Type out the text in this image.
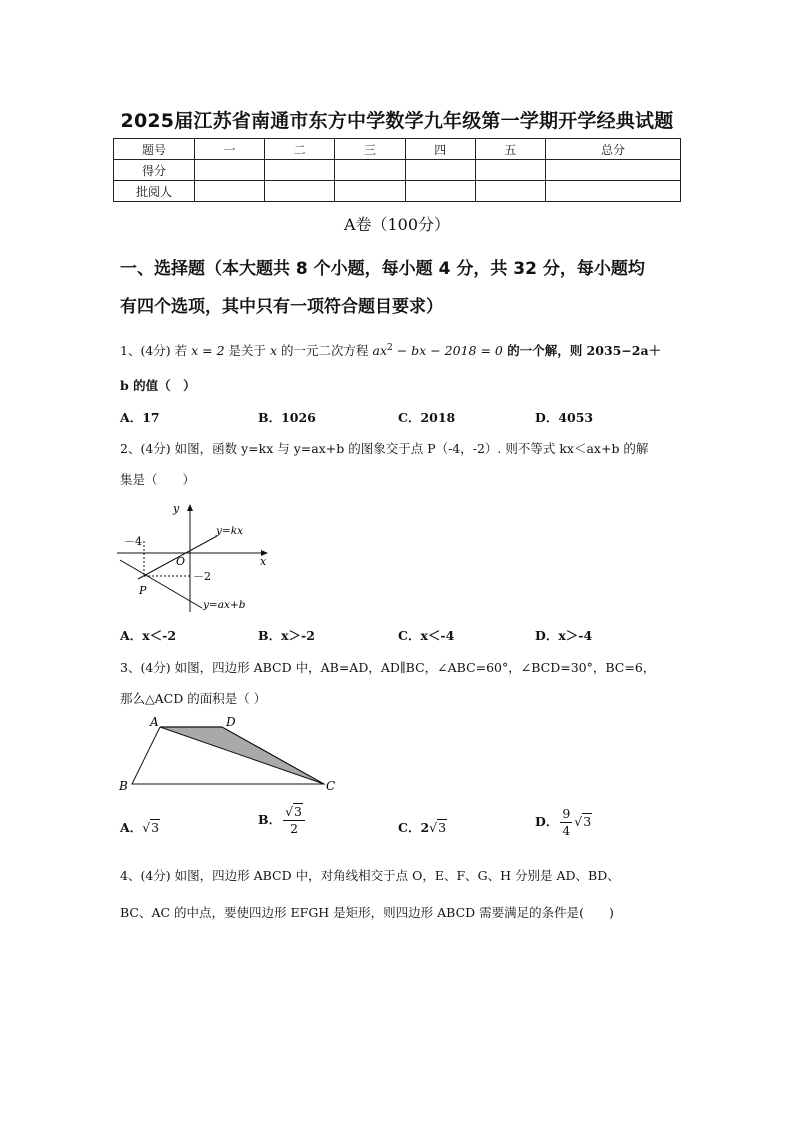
2025届江苏省南通市东方中学数学九年级第一学期开学经典试题
题号	一	二	三	四	五	总分
得分						
批阅人						
A卷（100分）
一、选择题（本大题共 8 个小题，每小题 4 分，共 32 分，每小题均
有四个选项，其中只有一项符合题目要求）
1、(4分) 若 x = 2 是关于 x 的一元二次方程 $ax^2$ − bx − 2018 = 0 的一个解，则 2035−2a＋
b 的值（　）
A．17	B．1026	C．2018	D．4053
2、(4分) 如图，函数 y=kx 与 y=ax+b 的图象交于点 P（-4，-2）. 则不等式 kx＜ax+b 的解
集是（　　）
y
x
O
－4
－2
P
y=kx
y=ax+b
A．x＜-2	B．x＞-2	C．x＜-4	D．x＞-4
3、(4分) 如图，四边形 ABCD 中，AB=AD，AD∥BC，∠ABC=60°，∠BCD=30°，BC=6，
那么△ACD 的面积是（ ）
A	D
B	C
A．√3
B． $\frac{√3}{2}$	C．2√3	D． $\frac{9}{4} √3$
4、(4分) 如图，四边形 ABCD 中，对角线相交于点 O，E、F、G、H 分别是 AD、BD、
BC、AC 的中点，要使四边形 EFGH 是矩形，则四边形 ABCD 需要满足的条件是(　　)
